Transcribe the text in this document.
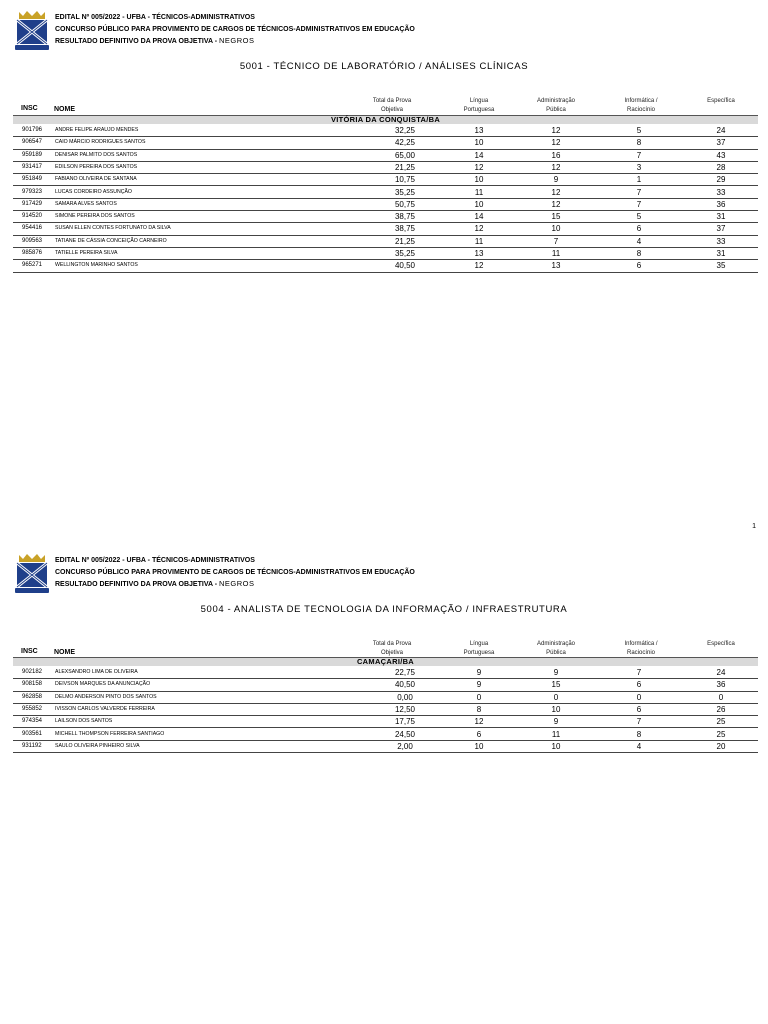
EDITAL Nº 005/2022 - UFBA - TÉCNICOS-ADMINISTRATIVOS
CONCURSO PÚBLICO PARA PROVIMENTO DE CARGOS DE TÉCNICOS-ADMINISTRATIVOS EM EDUCAÇÃO
RESULTADO DEFINITIVO DA PROVA OBJETIVA - NEGROS
5001 - TÉCNICO DE LABORATÓRIO / ANÁLISES CLÍNICAS
INSC NOME
Total da Prova
Objetiva
Língua
Portuguesa
Administração
Pública
Informática /
Raciocínio
Específica
VITÓRIA DA CONQUISTA/BA
901796 ANDRE FELIPE ARAUJO MENDES	32,25	13	12	5	24
906547 CAIO MÁRCIO RODRIGUES SANTOS	42,25	10	12	8	37
959189 DENISAR PALMITO DOS SANTOS	65,00	14	16	7	43
931417 EDILSON PEREIRA DOS SANTOS	21,25	12	12	3	28
951849 FABIANO OLIVEIRA DE SANTANA	10,75	10	9	1	29
979323 LUCAS CORDEIRO ASSUNÇÃO	35,25	11	12	7	33
917429 SAMARA ALVES SANTOS	50,75	10	12	7	36
914520 SIMONE PEREIRA DOS SANTOS	38,75	14	15	5	31
954416 SUSAN ELLEN CONTES FORTUNATO DA SILVA	38,75	12	10	6	37
909563 TATIANE DE CÁSSIA CONCEIÇÃO CARNEIRO	21,25	11	7	4	33
985876 TATIELLE PEREIRA SILVA	35,25	13	11	8	31
965271 WELLINGTON MARINHO SANTOS	40,50	12	13	6	35
1
EDITAL Nº 005/2022 - UFBA - TÉCNICOS-ADMINISTRATIVOS
CONCURSO PÚBLICO PARA PROVIMENTO DE CARGOS DE TÉCNICOS-ADMINISTRATIVOS EM EDUCAÇÃO
RESULTADO DEFINITIVO DA PROVA OBJETIVA - NEGROS
5004 - ANALISTA DE TECNOLOGIA DA INFORMAÇÃO / INFRAESTRUTURA
INSC NOME
Total da Prova
Objetiva
Língua
Portuguesa
Administração
Pública
Informática /
Raciocínio
Específica
CAMAÇARI/BA
902182 ALEXSANDRO LIMA DE OLIVEIRA	22,75	9	9	7	24
908158 DEIVSON MARQUES DA ANUNCIAÇÃO	40,50	9	15	6	36
962858 DELMO ANDERSON PINTO DOS SANTOS	0,00	0	0	0	0
955852 IVISSON CARLOS VALVERDE FERREIRA	12,50	8	10	6	26
974354 LAILSON DOS SANTOS	17,75	12	9	7	25
903561 MICHELL THOMPSON FERREIRA SANTIAGO	24,50	6	11	8	25
931192	SAULO OLIVEIRA PINHEIRO SILVA	2,00	10	10	4	20
